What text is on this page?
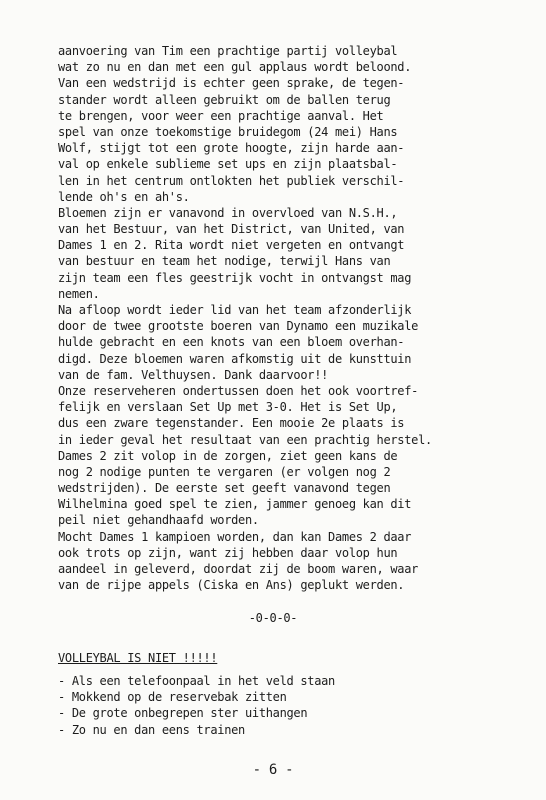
aanvoering van Tim een prachtige partij volleybal
wat zo nu en dan met een gul applaus wordt beloond.
Van een wedstrijd is echter geen sprake, de tegen-
stander wordt alleen gebruikt om de ballen terug
te brengen, voor weer een prachtige aanval. Het
spel van onze toekomstige bruidegom (24 mei) Hans
Wolf, stijgt tot een grote hoogte, zijn harde aan-
val op enkele sublieme set ups en zijn plaatsbal-
len in het centrum ontlokten het publiek verschil-
lende oh's en ah's.
Bloemen zijn er vanavond in overvloed van N.S.H.,
van het Bestuur, van het District, van United, van
Dames 1 en 2. Rita wordt niet vergeten en ontvangt
van bestuur en team het nodige, terwijl Hans van
zijn team een fles geestrijk vocht in ontvangst mag
nemen.
Na afloop wordt ieder lid van het team afzonderlijk
door de twee grootste boeren van Dynamo een muzikale
hulde gebracht en een knots van een bloem overhan-
digd. Deze bloemen waren afkomstig uit de kunsttuin
van de fam. Velthuysen. Dank daarvoor!!
Onze reserveheren ondertussen doen het ook voortref-
felijk en verslaan Set Up met 3-0. Het is Set Up,
dus een zware tegenstander. Een mooie 2e plaats is
in ieder geval het resultaat van een prachtig herstel.
Dames 2 zit volop in de zorgen, ziet geen kans de
nog 2 nodige punten te vergaren (er volgen nog 2
wedstrijden). De eerste set geeft vanavond tegen
Wilhelmina goed spel te zien, jammer genoeg kan dit
peil niet gehandhaafd worden.
Mocht Dames 1 kampioen worden, dan kan Dames 2 daar
ook trots op zijn, want zij hebben daar volop hun
aandeel in geleverd, doordat zij de boom waren, waar
van de rijpe appels (Ciska en Ans) geplukt werden.
-0-0-0-
VOLLEYBAL IS NIET !!!!!
- Als een telefoonpaal in het veld staan
- Mokkend op de reservebak zitten
- De grote onbegrepen ster uithangen
- Zo nu en dan eens trainen
- 6 -
